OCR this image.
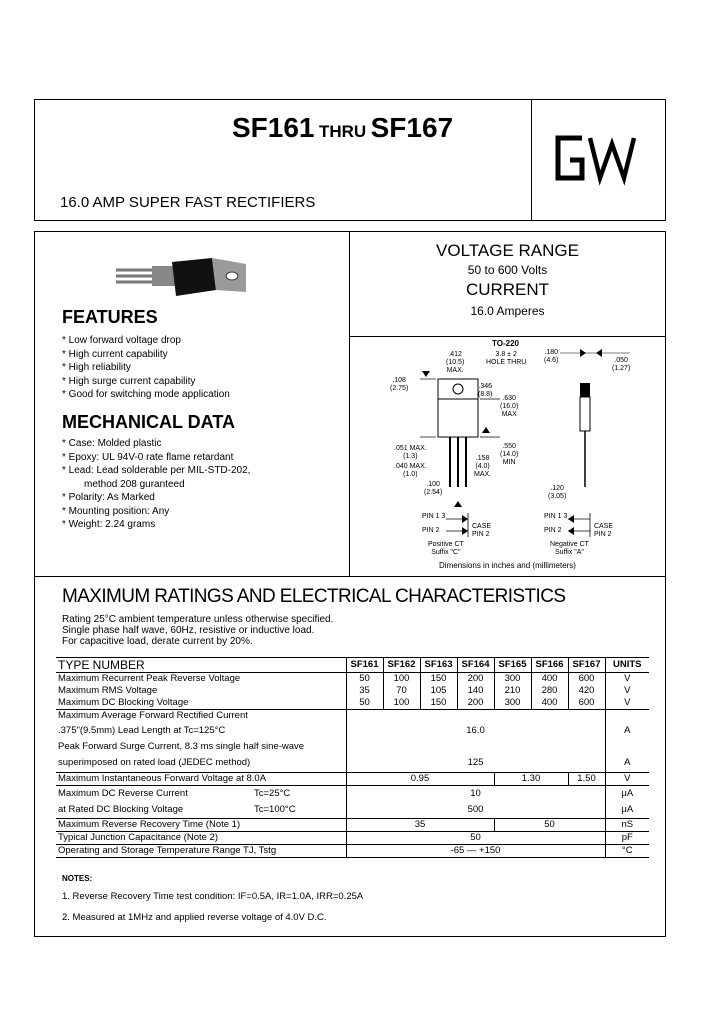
SF161 THRU SF167
16.0 AMP SUPER FAST RECTIFIERS
FEATURES
* Low forward voltage drop
* High current capability
* High reliability
* High surge current capability
* Good for switching mode application
MECHANICAL DATA
* Case: Molded plastic
* Epoxy: UL 94V-0 rate flame retardant
* Lead: Lead solderable per MIL-STD-202,
method 208 guranteed
* Polarity: As Marked
* Mounting position: Any
* Weight: 2.24 grams
VOLTAGE RANGE
50 to 600 Volts
CURRENT
16.0 Amperes
TO-220
.412
(10.5)
MAX.
3.8 ± 2
HOLE THRU
.180
(4.6)	.050
(1.27)
.108
(2.75)	.346
(8.8)
.630
(16.0)
MAX
.051 MAX.
(1.3)
.040 MAX.
(1.0)
.550
(14.0)
MIN
.158
(4.0)
MAX.
.100
(2.54)
.120
(3.05)
PIN 1 3
PIN 2
CASE
PIN 2
Positive CT
Suffix "C"
PIN 1 3
PIN 2
CASE
PIN 2
Negative CT
Suffix "A"
Dimensions in inches and (millimeters)
MAXIMUM RATINGS AND ELECTRICAL CHARACTERISTICS
Rating 25°C ambient temperature unless otherwise specified.
Single phase half wave, 60Hz, resistive or inductive load.
For capacitive load, derate current by 20%.
TYPE NUMBER	SF161	SF162	SF163	SF164	SF165	SF166	SF167	UNITS
Maximum Recurrent Peak Reverse Voltage	50	100	150	200	300	400	600	V
Maximum RMS Voltage	35	70	105	140	210	280	420	V
Maximum DC Blocking Voltage	50	100	150	200	300	400	600	V
Maximum Average Forward Rectified Current								
.375"(9.5mm) Lead Length at Tc=125°C	16.0							A
Peak Forward Surge Current, 8.3 ms single half sine-wave								
superimposed on rated load (JEDEC method)	125							A
Maximum Instantaneous Forward Voltage at 8.0A	0.95				1.30		1.50	V
Maximum DC Reverse Current Tc=25°C	10							μA
at Rated DC Blocking Voltage Tc=100°C	500							μA
Maximum Reverse Recovery Time (Note 1)	35				50			nS
Typical Junction Capacitance (Note 2)	50							pF
Operating and Storage Temperature Range TJ, Tstg	-65 — +150							°C
NOTES:
1. Reverse Recovery Time test condition: IF=0.5A, IR=1.0A, IRR=0.25A
2. Measured at 1MHz and applied reverse voltage of 4.0V D.C.
